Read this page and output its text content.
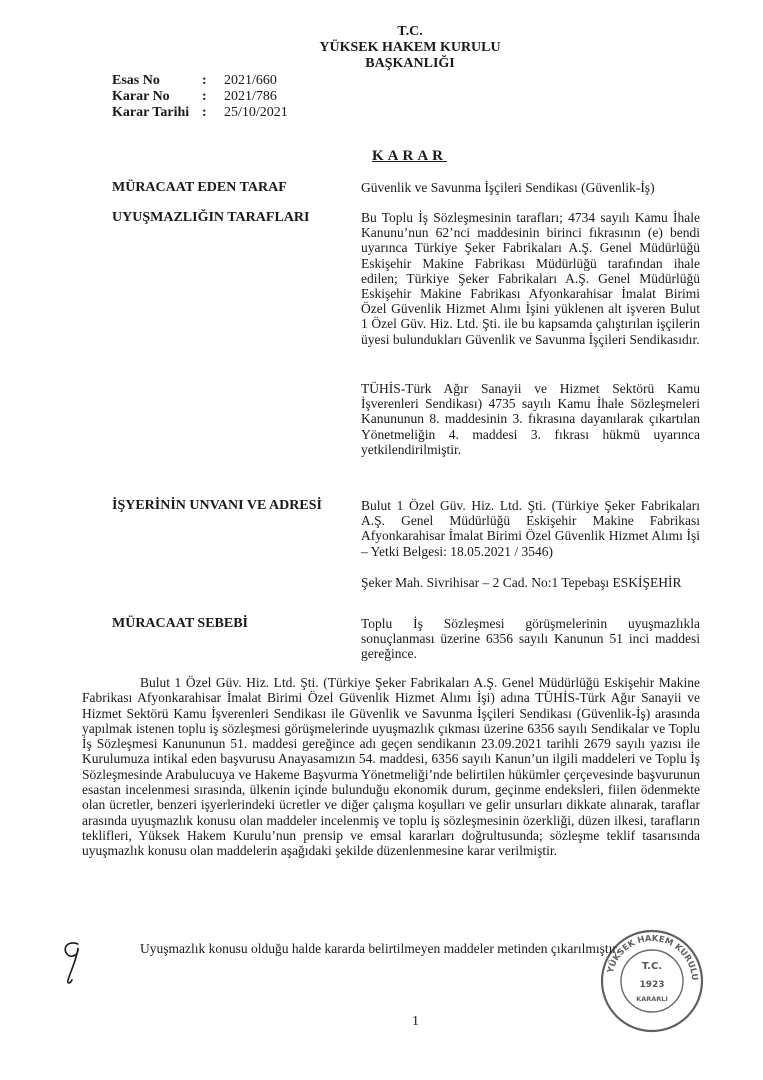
T.C.
YÜKSEK HAKEM KURULU
BAŞKANLIĞI
Esas No	:	2021/660
Karar No	:	2021/786
Karar Tarihi :	25/10/2021
KARAR
MÜRACAAT EDEN TARAF	Güvenlik ve Savunma İşçileri Sendikası (Güvenlik-İş)

UYUŞMAZLIĞIN TARAFLARI	Bu Toplu İş Sözleşmesinin tarafları; 4734 sayılı Kamu İhale Kanunu’nun 62’nci maddesinin birinci fıkrasının (e) bendi uyarınca Türkiye Şeker Fabrikaları A.Ş. Genel Müdürlüğü Eskişehir Makine Fabrikası Müdürlüğü tarafından ihale edilen; Türkiye Şeker Fabrikaları A.Ş. Genel Müdürlüğü Eskişehir Makine Fabrikası Afyonkarahisar İmalat Birimi Özel Güvenlik Hizmet Alımı İşini yüklenen alt işveren Bulut 1 Özel Güv. Hiz. Ltd. Şti. ile bu kapsamda çalıştırılan işçilerin üyesi bulundukları Güvenlik ve Savunma İşçileri Sendikasıdır.

TÜHİS-Türk Ağır Sanayii ve Hizmet Sektörü Kamu İşverenleri Sendikası) 4735 sayılı Kamu İhale Sözleşmeleri Kanununun 8. maddesinin 3. fıkrasına dayanılarak çıkartılan Yönetmeliğin 4. maddesi 3. fıkrası hükmü uyarınca yetkilendirilmiştir.

İŞYERİNİN UNVANI VE ADRESİ	Bulut 1 Özel Güv. Hiz. Ltd. Şti. (Türkiye Şeker Fabrikaları A.Ş. Genel Müdürlüğü Eskişehir Makine Fabrikası Afyonkarahisar İmalat Birimi Özel Güvenlik Hizmet Alımı İşi – Yetki Belgesi: 18.05.2021 / 3546)

Şeker Mah. Sivrihisar – 2 Cad. No:1 Tepebaşı ESKİŞEHİR

MÜRACAAT SEBEBİ	Toplu İş Sözleşmesi görüşmelerinin uyuşmazlıkla sonuçlanması üzerine 6356 sayılı Kanunun 51 inci maddesi gereğince.

Bulut 1 Özel Güv. Hiz. Ltd. Şti. (Türkiye Şeker Fabrikaları A.Ş. Genel Müdürlüğü Eskişehir Makine Fabrikası Afyonkarahisar İmalat Birimi Özel Güvenlik Hizmet Alımı İşi) adına TÜHİS-Türk Ağır Sanayii ve Hizmet Sektörü Kamu İşverenleri Sendikası ile Güvenlik ve Savunma İşçileri Sendikası (Güvenlik-İş) arasında yapılmak istenen toplu iş sözleşmesi görüşmelerinde uyuşmazlık çıkması üzerine 6356 sayılı Sendikalar ve Toplu İş Sözleşmesi Kanununun 51. maddesi gereğince adı geçen sendikanın 23.09.2021 tarihli 2679 sayılı yazısı ile Kurulumuza intikal eden başvurusu Anayasamızın 54. maddesi, 6356 sayılı Kanun’un ilgili maddeleri ve Toplu İş Sözleşmesinde Arabulucuya ve Hakeme Başvurma Yönetmeliği’nde belirtilen hükümler çerçevesinde başvurunun esastan incelenmesi sırasında, ülkenin içinde bulunduğu ekonomik durum, geçinme endeksleri, fiilen ödenmekte olan ücretler, benzeri işyerlerindeki ücretler ve diğer çalışma koşulları ve gelir unsurları dikkate alınarak, taraflar arasında uyuşmazlık konusu olan maddeler incelenmiş ve toplu iş sözleşmesinin özerkliği, düzen ilkesi, tarafların teklifleri, Yüksek Hakem Kurulu’nun prensip ve emsal kararları doğrultusunda; sözleşme teklif tasarısında uyuşmazlık konusu olan maddelerin aşağıdaki şekilde düzenlenmesine karar verilmiştir.

Uyuşmazlık konusu olduğu halde kararda belirtilmeyen maddeler metinden çıkarılmıştır.

1
YÜKSEK HAKEM KURULU
T.C.
1923
KARARLI
